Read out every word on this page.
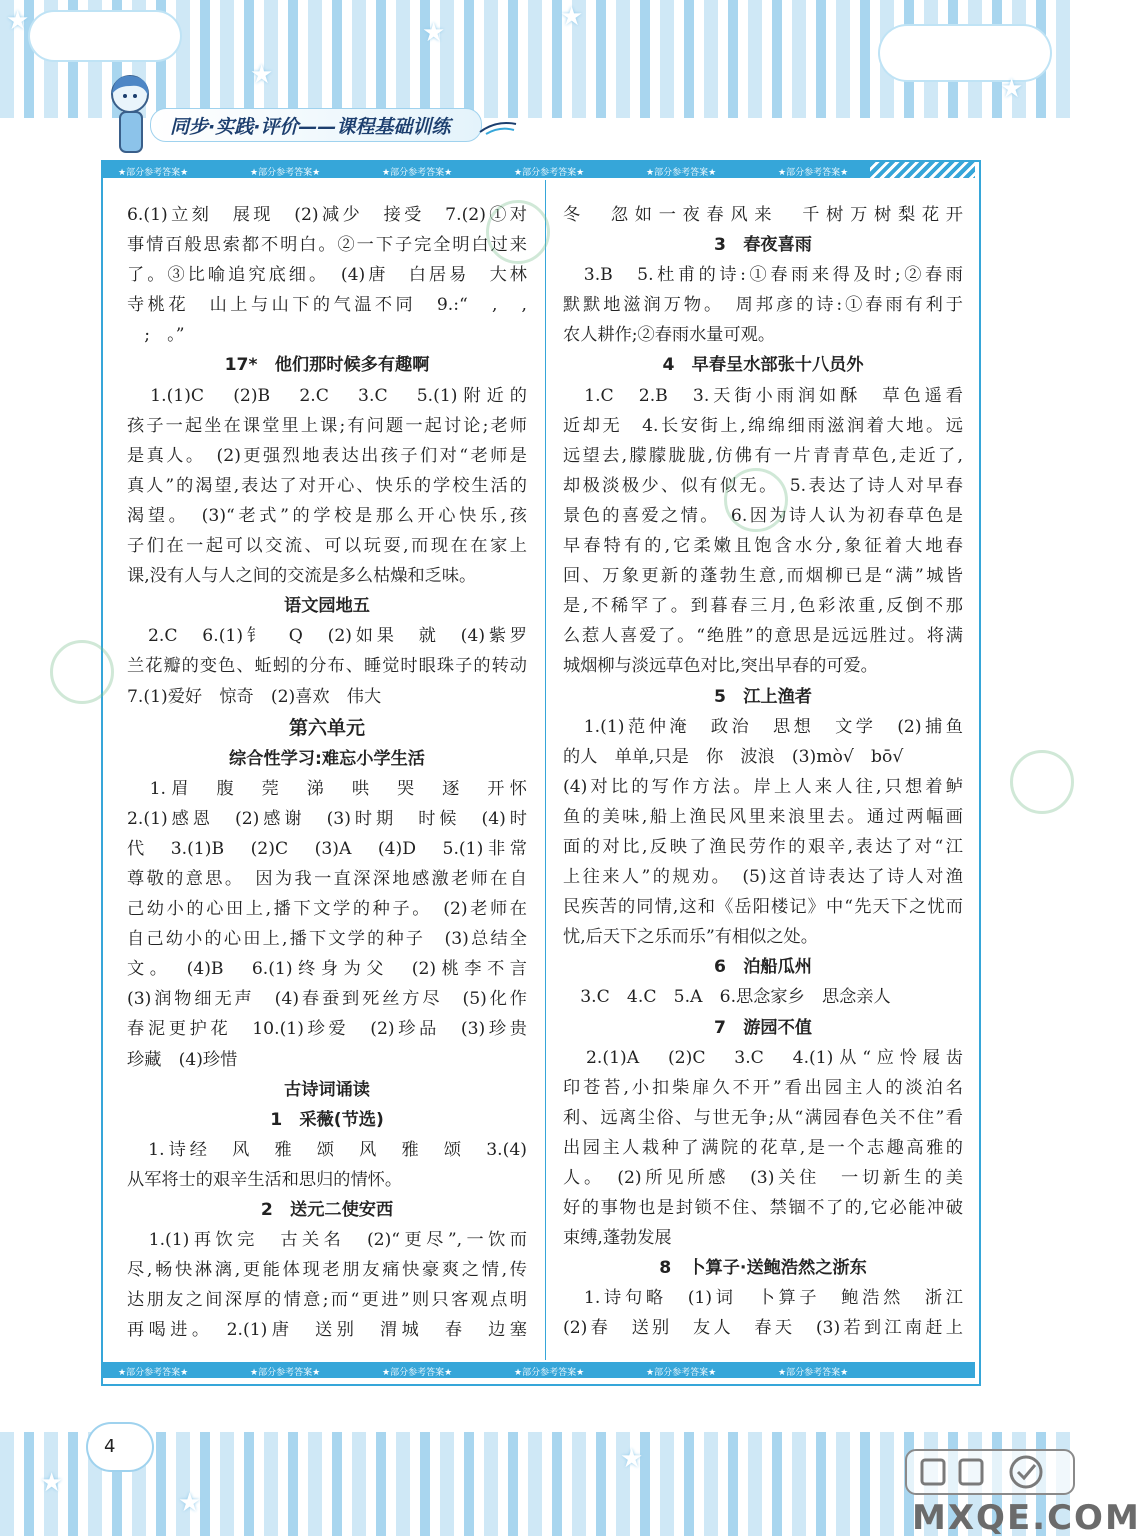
★
★
★
★
★
同步·实践·评价——课程基础训练
★部分参考答案★	★部分参考答案★	★部分参考答案★	★部分参考答案★	★部分参考答案★	★部分参考答案★
★部分参考答案★	★部分参考答案★	★部分参考答案★	★部分参考答案★	★部分参考答案★	★部分参考答案★

6.(1)立刻　展现　(2)减少　接受　7.(2)①对

事情百般思索都不明白。②一下子完全明白过来

了。③比喻追究底细。　(4)唐　白居易　大林

寺桃花　山上与山下的气温不同　9.:“　,　,

　;　。”

17*　他们那时候多有趣啊

　1.(1)C　(2)B　2.C　3.C　5.(1)附近的

孩子一起坐在课堂里上课;有问题一起讨论;老师

是真人。　(2)更强烈地表达出孩子们对“老师是

真人”的渴望,表达了对开心、快乐的学校生活的

渴望。　(3)“老式”的学校是那么开心快乐,孩

子们在一起可以交流、可以玩耍,而现在在家上

课,没有人与人之间的交流是多么枯燥和乏味。

语文园地五

　2.C　6.(1)钅　Q　(2)如果　就　(4)紫罗

兰花瓣的变色、蚯蚓的分布、睡觉时眼珠子的转动

7.(1)爱好　惊奇　(2)喜欢　伟大

第六单元
综合性学习:难忘小学生活

　1.眉　腹　莞　涕　哄　哭　逐　开怀

2.(1)感恩　(2)感谢　(3)时期　时候　(4)时

代　3.(1)B　(2)C　(3)A　(4)D　5.(1)非常

尊敬的意思。　因为我一直深深地感激老师在自

己幼小的心田上,播下文学的种子。　(2)老师在

自己幼小的心田上,播下文学的种子　(3)总结全

文。　(4)B　6.(1)终身为父　(2)桃李不言

(3)润物细无声　(4)春蚕到死丝方尽　(5)化作

春泥更护花　10.(1)珍爱　(2)珍品　(3)珍贵

珍藏　(4)珍惜

古诗词诵读
1　采薇(节选)

　1.诗经　风　雅　颂　风　雅　颂　3.(4)

从军将士的艰辛生活和思归的情怀。

2　送元二使安西

　1.(1)再饮完　古关名　(2)“更尽”,一饮而

尽,畅快淋漓,更能体现老朋友痛快豪爽之情,传

达朋友之间深厚的情意;而“更进”则只客观点明

再喝进。　2.(1)唐　送别　渭城　春　边塞

冬　忽如一夜春风来　千树万树梨花开

3　春夜喜雨

　3.B　5.杜甫的诗:①春雨来得及时;②春雨

默默地滋润万物。　周邦彦的诗:①春雨有利于

农人耕作;②春雨水量可观。

4　早春呈水部张十八员外

　1.C　2.B　3.天街小雨润如酥　草色遥看

近却无　4.长安街上,绵绵细雨滋润着大地。远

远望去,朦朦胧胧,仿佛有一片青青草色,走近了,

却极淡极少、似有似无。　5.表达了诗人对早春

景色的喜爱之情。　6.因为诗人认为初春草色是

早春特有的,它柔嫩且饱含水分,象征着大地春

回、万象更新的蓬勃生意,而烟柳已是“满”城皆

是,不稀罕了。到暮春三月,色彩浓重,反倒不那

么惹人喜爱了。“绝胜”的意思是远远胜过。将满

城烟柳与淡远草色对比,突出早春的可爱。

5　江上渔者

　1.(1)范仲淹　政治　思想　文学　(2)捕鱼

的人　单单,只是　你　波浪　(3)mò√　bō√

(4)对比的写作方法。岸上人来人往,只想着鲈

鱼的美味,船上渔民风里来浪里去。通过两幅画

面的对比,反映了渔民劳作的艰辛,表达了对“江

上往来人”的规劝。　(5)这首诗表达了诗人对渔

民疾苦的同情,这和《岳阳楼记》中“先天下之忧而

忧,后天下之乐而乐”有相似之处。

6　泊船瓜州

　3.C　4.C　5.A　6.思念家乡　思念亲人

7　游园不值

　2.(1)A　(2)C　3.C　4.(1)从“应怜屐齿

印苍苔,小扣柴扉久不开”看出园主人的淡泊名

利、远离尘俗、与世无争;从“满园春色关不住”看

出园主人栽种了满院的花草,是一个志趣高雅的

人。　(2)所见所感　(3)关住　一切新生的美

好的事物也是封锁不住、禁锢不了的,它必能冲破

束缚,蓬勃发展

8　卜算子·送鲍浩然之浙东

　1.诗句略　(1)词　卜算子　鲍浩然　浙江

(2)春　送别　友人　春天　(3)若到江南赶上

★
★
★
4
MXQE.COM
